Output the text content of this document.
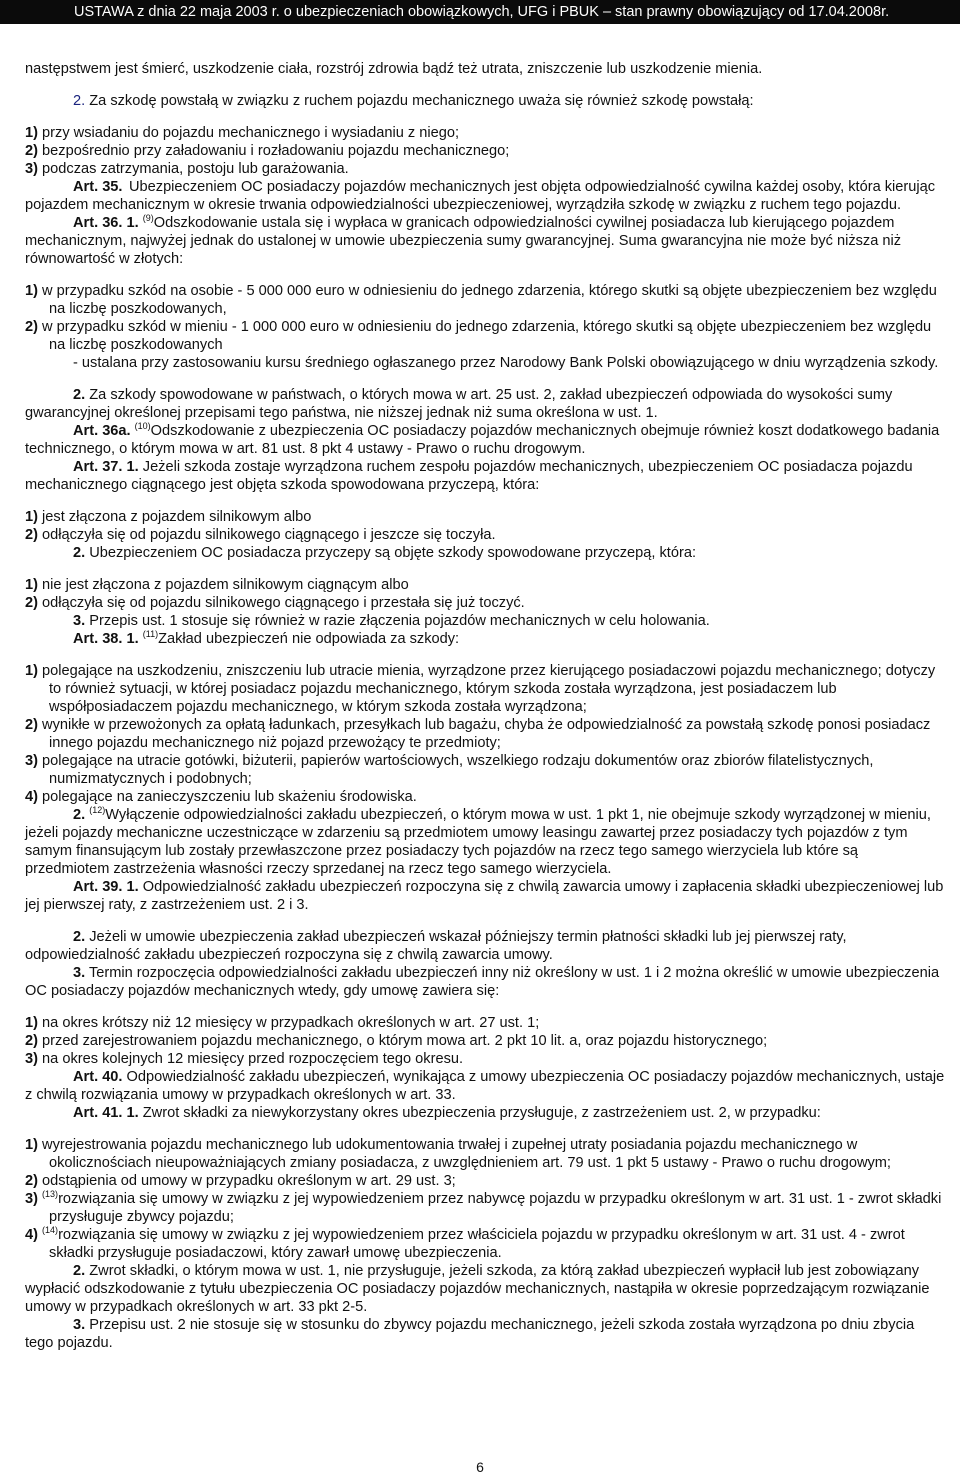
USTAWA z dnia 22 maja 2003 r. o ubezpieczeniach obowiązkowych, UFG i PBUK – stan prawny obowiązujący od 17.04.2008r.

następstwem jest śmierć, uszkodzenie ciała, rozstrój zdrowia bądź też utrata, zniszczenie lub uszkodzenie mienia.

2. Za szkodę powstałą w związku z ruchem pojazdu mechanicznego uważa się również szkodę powstałą:

1) przy wsiadaniu do pojazdu mechanicznego i wysiadaniu z niego;

2) bezpośrednio przy załadowaniu i rozładowaniu pojazdu mechanicznego;

3) podczas zatrzymania, postoju lub garażowania.

Art. 35. Ubezpieczeniem OC posiadaczy pojazdów mechanicznych jest objęta odpowiedzialność cywilna każdej osoby, która kierując pojazdem mechanicznym w okresie trwania odpowiedzialności ubezpieczeniowej, wyrządziła szkodę w związku z ruchem tego pojazdu.

Art. 36. 1. $^{(9)}$Odszkodowanie ustala się i wypłaca w granicach odpowiedzialności cywilnej posiadacza lub kierującego pojazdem mechanicznym, najwyżej jednak do ustalonej w umowie ubezpieczenia sumy gwarancyjnej. Suma gwarancyjna nie może być niższa niż równowartość w złotych:

1) w przypadku szkód na osobie - 5 000 000 euro w odniesieniu do jednego zdarzenia, którego skutki są objęte ubezpieczeniem bez względu na liczbę poszkodowanych,

2) w przypadku szkód w mieniu - 1 000 000 euro w odniesieniu do jednego zdarzenia, którego skutki są objęte ubezpieczeniem bez względu na liczbę poszkodowanych

- ustalana przy zastosowaniu kursu średniego ogłaszanego przez Narodowy Bank Polski obowiązującego w dniu wyrządzenia szkody.

2. Za szkody spowodowane w państwach, o których mowa w art. 25 ust. 2, zakład ubezpieczeń odpowiada do wysokości sumy gwarancyjnej określonej przepisami tego państwa, nie niższej jednak niż suma określona w ust. 1.

Art. 36a. $^{(10)}$Odszkodowanie z ubezpieczenia OC posiadaczy pojazdów mechanicznych obejmuje również koszt dodatkowego badania technicznego, o którym mowa w art. 81 ust. 8 pkt 4 ustawy - Prawo o ruchu drogowym.

Art. 37. 1. Jeżeli szkoda zostaje wyrządzona ruchem zespołu pojazdów mechanicznych, ubezpieczeniem OC posiadacza pojazdu mechanicznego ciągnącego jest objęta szkoda spowodowana przyczepą, która:

1) jest złączona z pojazdem silnikowym albo

2) odłączyła się od pojazdu silnikowego ciągnącego i jeszcze się toczyła.

2. Ubezpieczeniem OC posiadacza przyczepy są objęte szkody spowodowane przyczepą, która:

1) nie jest złączona z pojazdem silnikowym ciągnącym albo

2) odłączyła się od pojazdu silnikowego ciągnącego i przestała się już toczyć.

3. Przepis ust. 1 stosuje się również w razie złączenia pojazdów mechanicznych w celu holowania.

Art. 38. 1. $^{(11)}$Zakład ubezpieczeń nie odpowiada za szkody:

1) polegające na uszkodzeniu, zniszczeniu lub utracie mienia, wyrządzone przez kierującego posiadaczowi pojazdu mechanicznego; dotyczy to również sytuacji, w której posiadacz pojazdu mechanicznego, którym szkoda została wyrządzona, jest posiadaczem lub współposiadaczem pojazdu mechanicznego, w którym szkoda została wyrządzona;

2) wynikłe w przewożonych za opłatą ładunkach, przesyłkach lub bagażu, chyba że odpowiedzialność za powstałą szkodę ponosi posiadacz innego pojazdu mechanicznego niż pojazd przewożący te przedmioty;

3) polegające na utracie gotówki, biżuterii, papierów wartościowych, wszelkiego rodzaju dokumentów oraz zbiorów filatelistycznych, numizmatycznych i podobnych;

4) polegające na zanieczyszczeniu lub skażeniu środowiska.

2. $^{(12)}$Wyłączenie odpowiedzialności zakładu ubezpieczeń, o którym mowa w ust. 1 pkt 1, nie obejmuje szkody wyrządzonej w mieniu, jeżeli pojazdy mechaniczne uczestniczące w zdarzeniu są przedmiotem umowy leasingu zawartej przez posiadaczy tych pojazdów z tym samym finansującym lub zostały przewłaszczone przez posiadaczy tych pojazdów na rzecz tego samego wierzyciela lub które są przedmiotem zastrzeżenia własności rzeczy sprzedanej na rzecz tego samego wierzyciela.

Art. 39. 1. Odpowiedzialność zakładu ubezpieczeń rozpoczyna się z chwilą zawarcia umowy i zapłacenia składki ubezpieczeniowej lub jej pierwszej raty, z zastrzeżeniem ust. 2 i 3.

2. Jeżeli w umowie ubezpieczenia zakład ubezpieczeń wskazał późniejszy termin płatności składki lub jej pierwszej raty, odpowiedzialność zakładu ubezpieczeń rozpoczyna się z chwilą zawarcia umowy.

3. Termin rozpoczęcia odpowiedzialności zakładu ubezpieczeń inny niż określony w ust. 1 i 2 można określić w umowie ubezpieczenia OC posiadaczy pojazdów mechanicznych wtedy, gdy umowę zawiera się:

1) na okres krótszy niż 12 miesięcy w przypadkach określonych w art. 27 ust. 1;

2) przed zarejestrowaniem pojazdu mechanicznego, o którym mowa art. 2 pkt 10 lit. a, oraz pojazdu historycznego;

3) na okres kolejnych 12 miesięcy przed rozpoczęciem tego okresu.

Art. 40. Odpowiedzialność zakładu ubezpieczeń, wynikająca z umowy ubezpieczenia OC posiadaczy pojazdów mechanicznych, ustaje z chwilą rozwiązania umowy w przypadkach określonych w art. 33.

Art. 41. 1. Zwrot składki za niewykorzystany okres ubezpieczenia przysługuje, z zastrzeżeniem ust. 2, w przypadku:

1) wyrejestrowania pojazdu mechanicznego lub udokumentowania trwałej i zupełnej utraty posiadania pojazdu mechanicznego w okolicznościach nieupoważniających zmiany posiadacza, z uwzględnieniem art. 79 ust. 1 pkt 5 ustawy - Prawo o ruchu drogowym;

2) odstąpienia od umowy w przypadku określonym w art. 29 ust. 3;

3) $^{(13)}$rozwiązania się umowy w związku z jej wypowiedzeniem przez nabywcę pojazdu w przypadku określonym w art. 31 ust. 1 - zwrot składki przysługuje zbywcy pojazdu;

4) $^{(14)}$rozwiązania się umowy w związku z jej wypowiedzeniem przez właściciela pojazdu w przypadku określonym w art. 31 ust. 4 - zwrot składki przysługuje posiadaczowi, który zawarł umowę ubezpieczenia.

2. Zwrot składki, o którym mowa w ust. 1, nie przysługuje, jeżeli szkoda, za którą zakład ubezpieczeń wypłacił lub jest zobowiązany wypłacić odszkodowanie z tytułu ubezpieczenia OC posiadaczy pojazdów mechanicznych, nastąpiła w okresie poprzedzającym rozwiązanie umowy w przypadkach określonych w art. 33 pkt 2-5.

3. Przepisu ust. 2 nie stosuje się w stosunku do zbywcy pojazdu mechanicznego, jeżeli szkoda została wyrządzona po dniu zbycia tego pojazdu.

6
